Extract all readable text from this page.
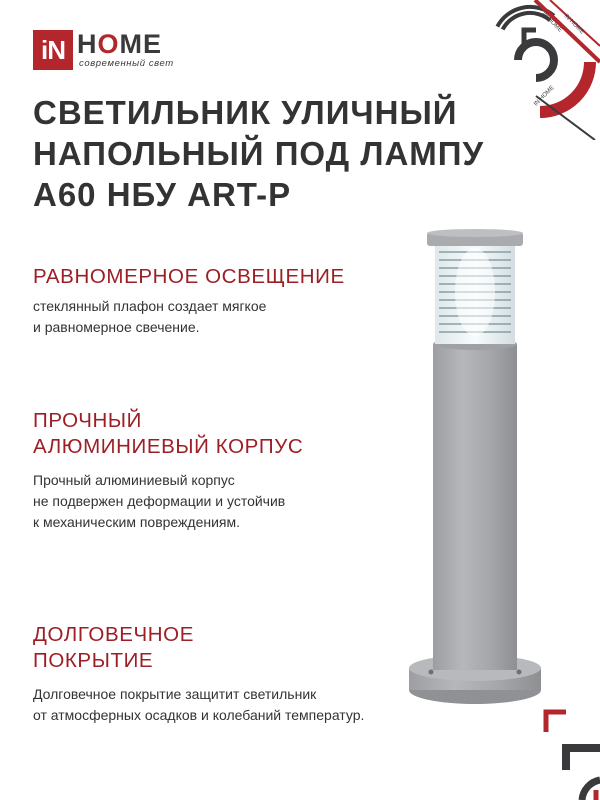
iN HOME
современный свет
IN HOME IN HOME
IN HOME
СВЕТИЛЬНИК УЛИЧНЫЙ
НАПОЛЬНЫЙ ПОД ЛАМПУ
А60 НБУ ART-P
РАВНОМЕРНОЕ ОСВЕЩЕНИЕ

стеклянный плафон создает мягкое
и равномерное свечение.

ПРОЧНЫЙ
АЛЮМИНИЕВЫЙ КОРПУС

Прочный алюминиевый корпус
не подвержен деформации и устойчив
к механическим повреждениям.

ДОЛГОВЕЧНОЕ
ПОКРЫТИЕ

Долговечное покрытие защитит светильник
от атмосферных осадков и колебаний температур.
